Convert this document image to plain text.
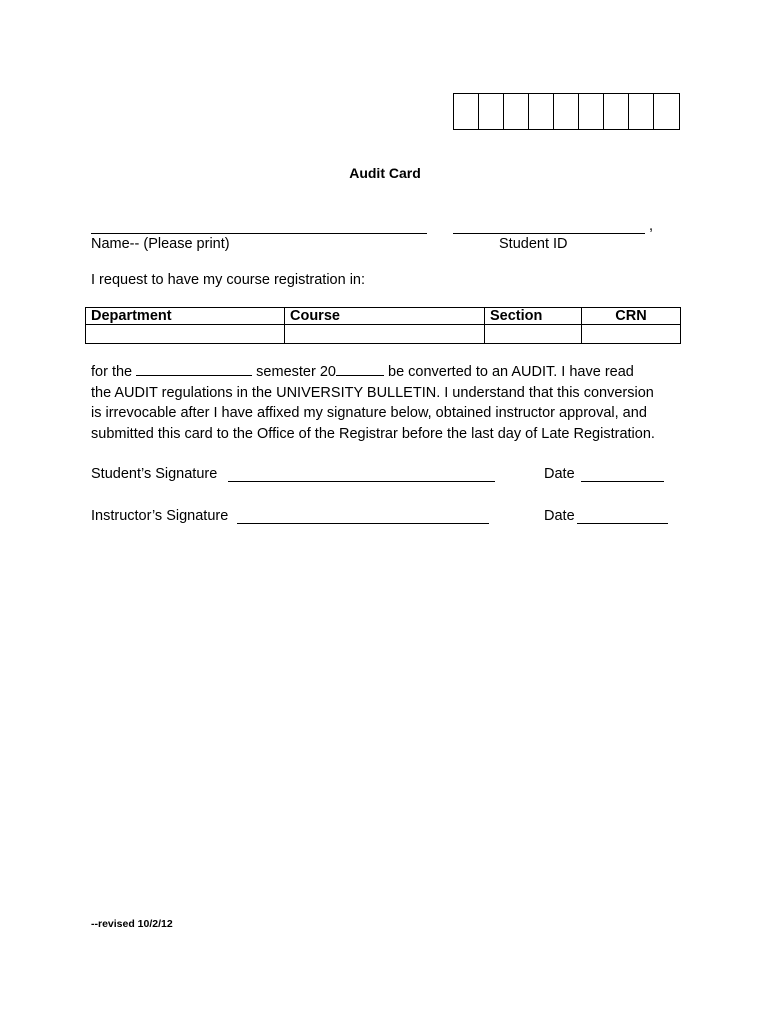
Audit Card
,
Name-- (Please print)	Student ID
I request to have my course registration in:
Department	Course	Section	CRN

for the	semester 20	be converted to an AUDIT. I have read
the AUDIT regulations in the UNIVERSITY BULLETIN. I understand that this conversion
is irrevocable after I have affixed my signature below, obtained instructor approval, and
submitted this card to the Office of the Registrar before the last day of Late Registration.
Student’s Signature	Date
Instructor’s Signature	Date
--revised 10/2/12
